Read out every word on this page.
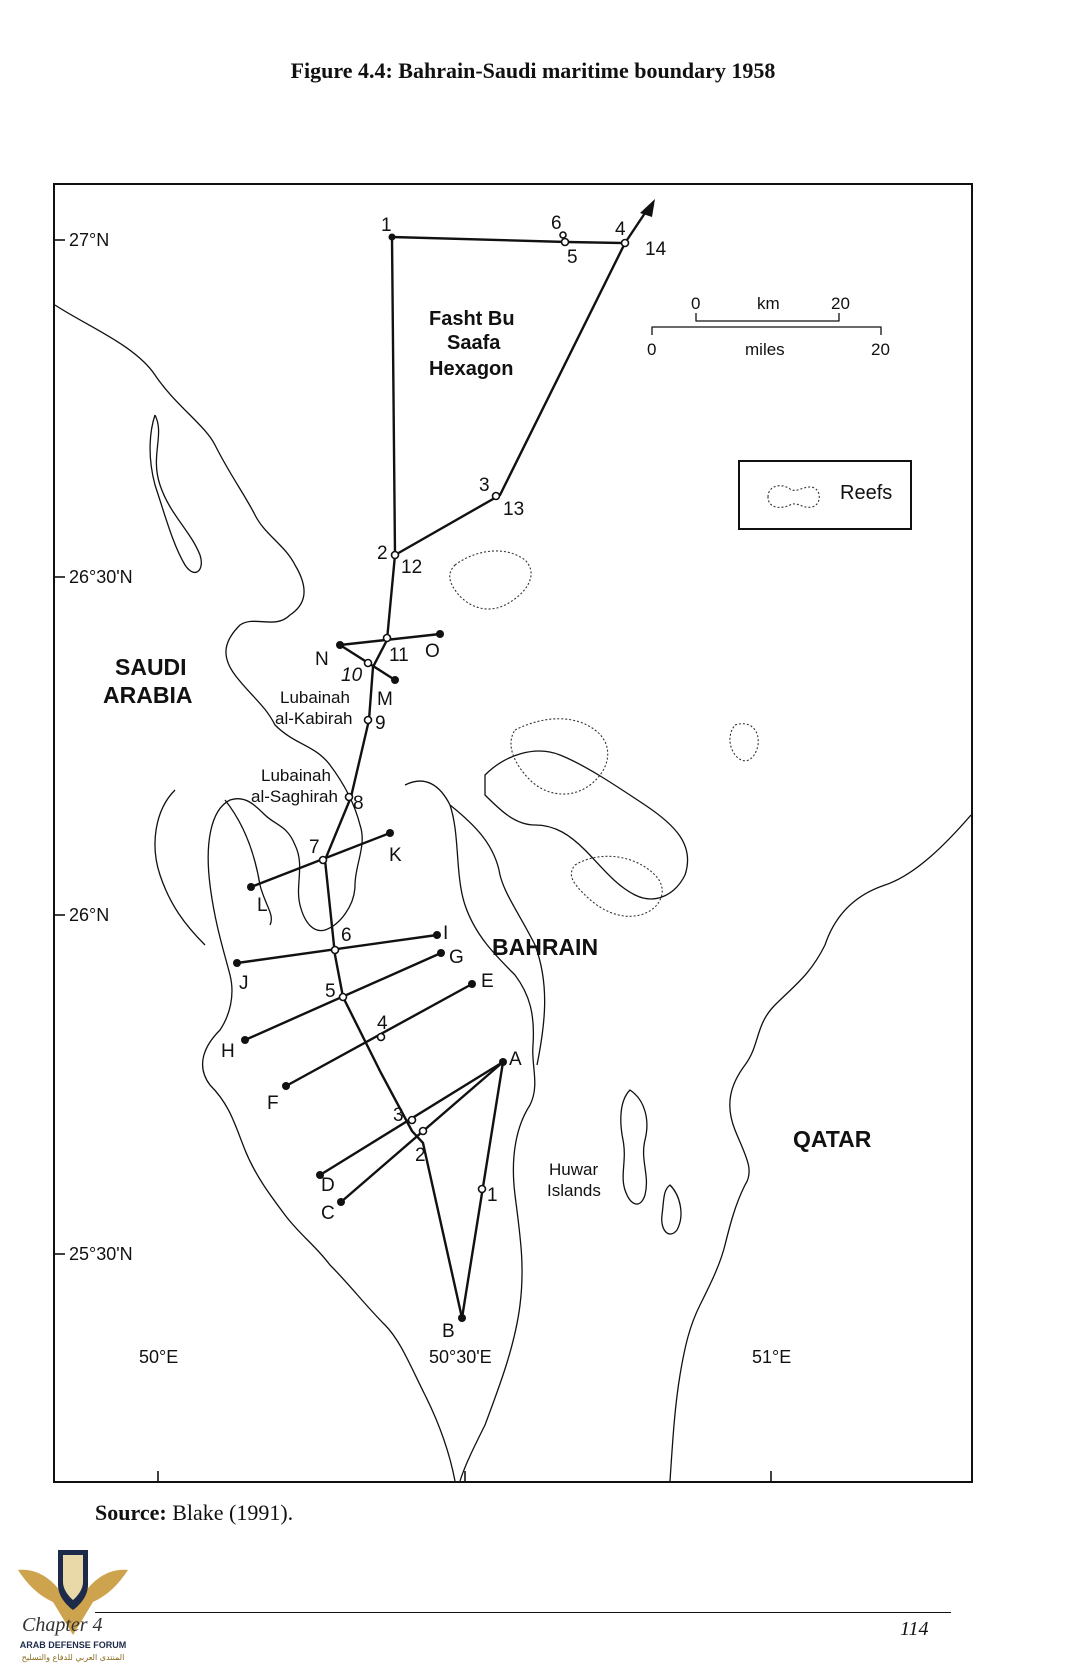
Figure 4.4: Bahrain-Saudi maritime boundary 1958
1	6
5
4
14
3
13
2
12
11
10
9
8
7
6
5
4
3
2
1
O
N
M
K
L
I
G
J	E
H	A
F
D
C
B
SAUDI
ARABIA
BAHRAIN
QATAR
Fasht Bu
Saafa
Hexagon
Lubainah
al-Kabirah
Lubainah
al-Saghirah
Huwar
Islands
27°N
26°30'N
26°N
25°30'N
50°E	50°30'E	51°E
0	km	20
0	miles	20
Reefs
Source: Blake (1991).
ARAB DEFENSE FORUM
المنتدى العربي للدفاع والتسليح
Chapter 4	114
